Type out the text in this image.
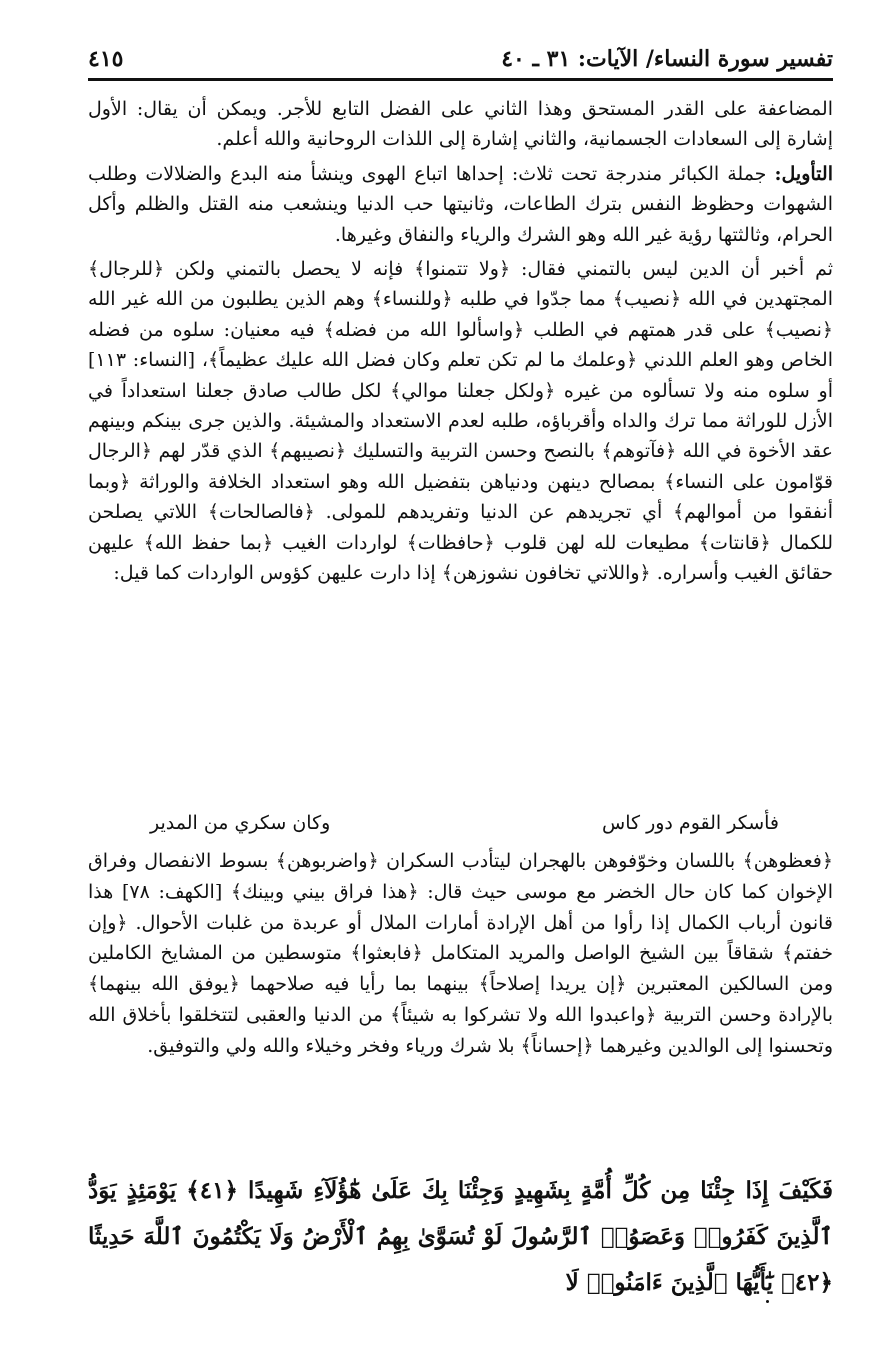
تفسير سورة النساء/ الآيات: ٣١ ـ ٤٠
٤١٥

المضاعفة على القدر المستحق وهذا الثاني على الفضل التابع للأجر. ويمكن أن يقال: الأول إشارة إلى السعادات الجسمانية، والثاني إشارة إلى اللذات الروحانية والله أعلم.

التأويل: جملة الكبائر مندرجة تحت ثلاث: إحداها اتباع الهوى وينشأ منه البدع والضلالات وطلب الشهوات وحظوظ النفس بترك الطاعات، وثانيتها حب الدنيا وينشعب منه القتل والظلم وأكل الحرام، وثالثتها رؤية غير الله وهو الشرك والرياء والنفاق وغيرها.

ثم أخبر أن الدين ليس بالتمني فقال: ﴿ولا تتمنوا﴾ فإنه لا يحصل بالتمني ولكن ﴿للرجال﴾ المجتهدين في الله ﴿نصيب﴾ مما جدّوا في طلبه ﴿وللنساء﴾ وهم الذين يطلبون من الله غير الله ﴿نصيب﴾ على قدر همتهم في الطلب ﴿واسألوا الله من فضله﴾ فيه معنيان: سلوه من فضله الخاص وهو العلم اللدني ﴿وعلمك ما لم تكن تعلم وكان فضل الله عليك عظيماً﴾، [النساء: ١١٣] أو سلوه منه ولا تسألوه من غيره ﴿ولكل جعلنا موالي﴾ لكل طالب صادق جعلنا استعداداً في الأزل للوراثة مما ترك والداه وأقرباؤه، طلبه لعدم الاستعداد والمشيئة. والذين جرى بينكم وبينهم عقد الأخوة في الله ﴿فآتوهم﴾ بالنصح وحسن التربية والتسليك ﴿نصيبهم﴾ الذي قدّر لهم ﴿الرجال قوّامون على النساء﴾ بمصالح دينهن ودنياهن بتفضيل الله وهو استعداد الخلافة والوراثة ﴿وبما أنفقوا من أموالهم﴾ أي تجريدهم عن الدنيا وتفريدهم للمولى. ﴿فالصالحات﴾ اللاتي يصلحن للكمال ﴿قانتات﴾ مطيعات لله لهن قلوب ﴿حافظات﴾ لواردات الغيب ﴿بما حفظ الله﴾ عليهن حقائق الغيب وأسراره. ﴿واللاتي تخافون نشوزهن﴾ إذا دارت عليهن كؤوس الواردات كما قيل:

فأسكر القوم دور كاس
وكان سكري من المدير

﴿فعظوهن﴾ باللسان وخوّفوهن بالهجران ليتأدب السكران ﴿واضربوهن﴾ بسوط الانفصال وفراق الإخوان كما كان حال الخضر مع موسى حيث قال: ﴿هذا فراق بيني وبينك﴾ [الكهف: ٧٨] هذا قانون أرباب الكمال إذا رأوا من أهل الإرادة أمارات الملال أو عربدة من غلبات الأحوال. ﴿وإن خفتم﴾ شقاقاً بين الشيخ الواصل والمريد المتكامل ﴿فابعثوا﴾ متوسطين من المشايخ الكاملين ومن السالكين المعتبرين ﴿إن يريدا إصلاحاً﴾ بينهما بما رأيا فيه صلاحهما ﴿يوفق الله بينهما﴾ بالإرادة وحسن التربية ﴿واعبدوا الله ولا تشركوا به شيئاً﴾ من الدنيا والعقبى لتتخلقوا بأخلاق الله وتحسنوا إلى الوالدين وغيرهما ﴿إحساناً﴾ بلا شرك ورياء وفخر وخيلاء والله ولي والتوفيق.

فَكَيْفَ إِذَا جِئْنَا مِن كُلِّ أُمَّةٍ بِشَهِيدٍ وَجِئْنَا بِكَ عَلَىٰ هَٰٓؤُلَآءِ شَهِيدًا ﴿٤١﴾ يَوْمَئِذٍ يَوَدُّ ٱلَّذِينَ كَفَرُوا۟ وَعَصَوُا۟ ٱلرَّسُولَ لَوْ تُسَوَّىٰ بِهِمُ ٱلْأَرْضُ وَلَا يَكْتُمُونَ ٱللَّهَ حَدِيثًا ﴿٤٢﴾ يَٰٓأَيُّهَا ٱلَّذِينَ ءَامَنُوا۟ لَا
